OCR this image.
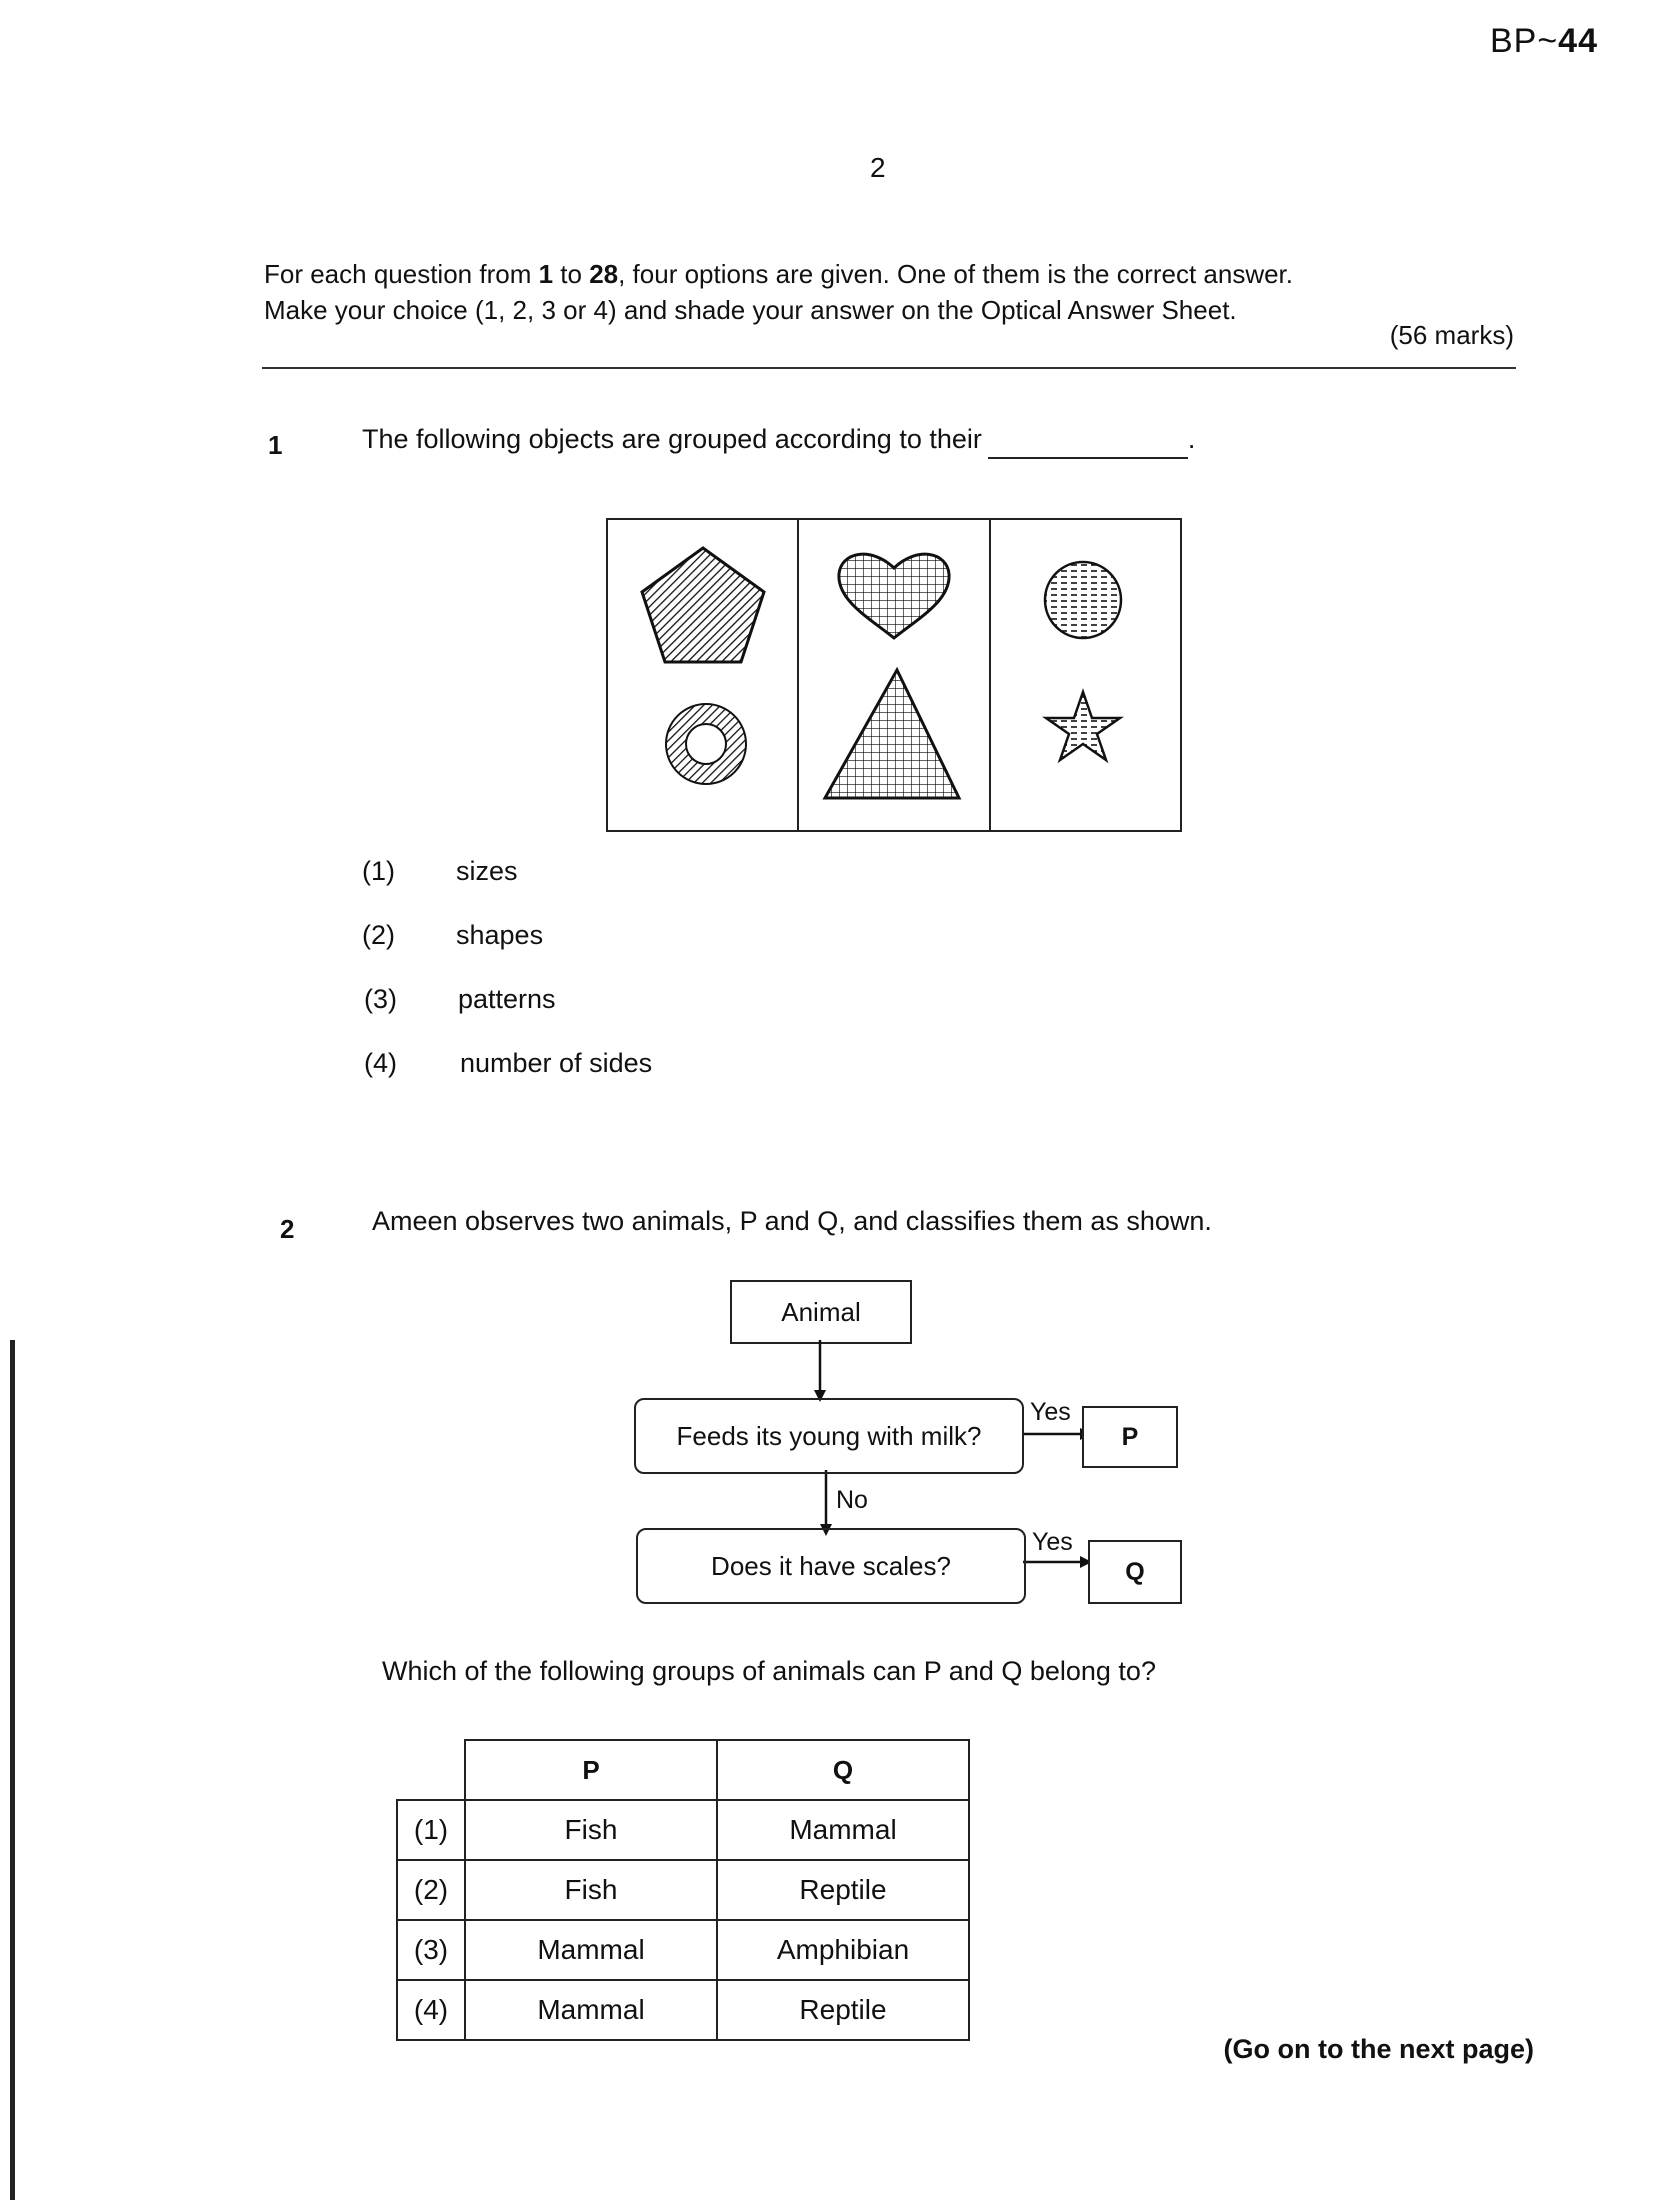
BP~44
2
For each question from 1 to 28, four options are given. One of them is the correct answer.
Make your choice (1, 2, 3 or 4) and shade your answer on the Optical Answer Sheet.
(56 marks)
1	The following objects are grouped according to their	.
(1) sizes
(2) shapes
(3) patterns
(4) number of sides
2	Ameen observes two animals, P and Q, and classifies them as shown.
Animal
Feeds its young with milk?
Yes
P
No
Does it have scales?
Yes
Q
Which of the following groups of animals can P and Q belong to?
	P	Q
(1)	Fish	Mammal
(2)	Fish	Reptile
(3)	Mammal	Amphibian
(4)	Mammal	Reptile
(Go on to the next page)
